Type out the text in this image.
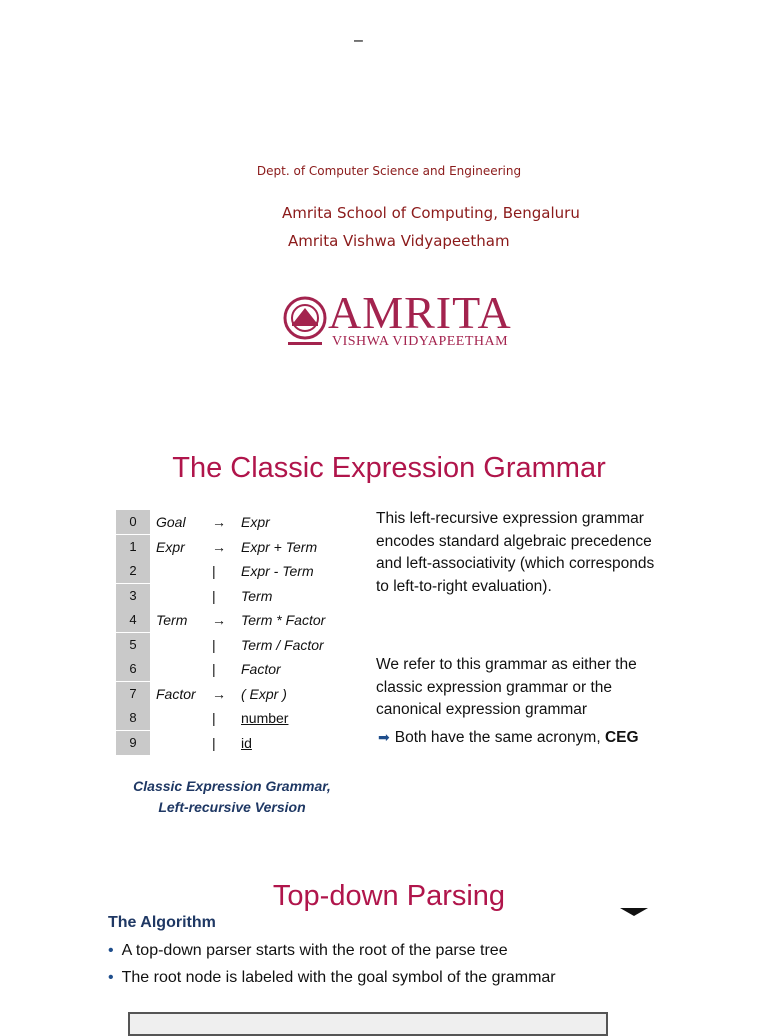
–
Dept. of Computer Science and Engineering
Amrita School of Computing, Bengaluru
Amrita Vishwa Vidyapeetham
AMRITA
VISHWA VIDYAPEETHAM
The Classic Expression Grammar
0	Goal → Expr
1	Expr → Expr + Term
2	| Expr - Term
3	| Term
4	Term → Term * Factor
5	| Term / Factor
6	| Factor
7	Factor → ( Expr )
8	| number
9	| id
Classic Expression Grammar,
Left-recursive Version
This left-recursive expression grammar encodes standard algebraic precedence and left-associativity (which corresponds to left-to-right evaluation).
We refer to this grammar as either the classic expression grammar or the canonical expression grammar
➡ Both have the same acronym, CEG
Top-down Parsing
The Algorithm
• A top-down parser starts with the root of the parse tree
• The root node is labeled with the goal symbol of the grammar
